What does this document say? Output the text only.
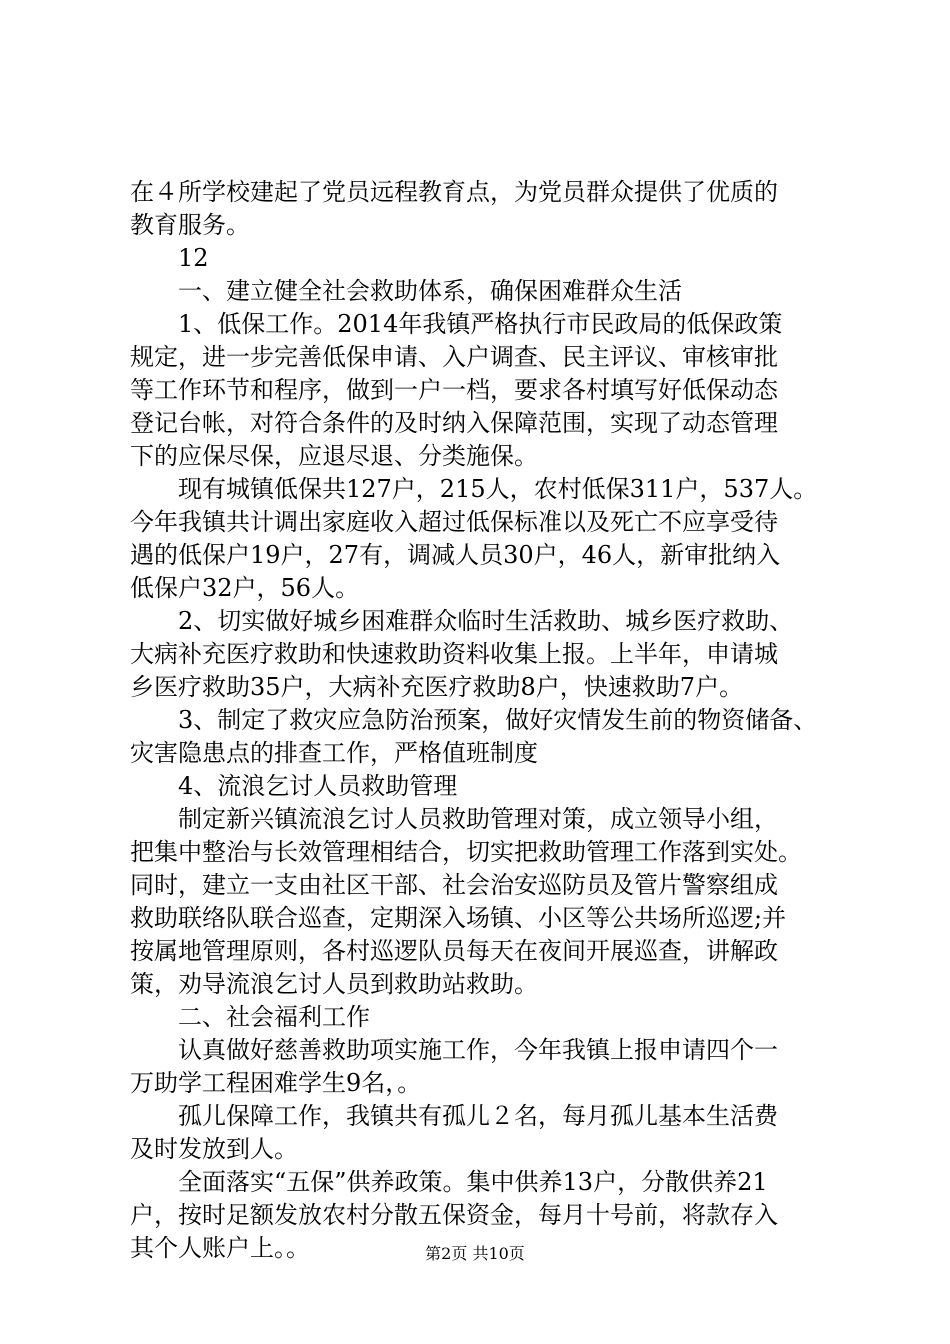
在４所学校建起了党员远程教育点，为党员群众提供了优质的
教育服务。
12
一、建立健全社会救助体系，确保困难群众生活
1、低保工作。2014年我镇严格执行市民政局的低保政策
规定，进一步完善低保申请、入户调查、民主评议、审核审批
等工作环节和程序，做到一户一档，要求各村填写好低保动态
登记台帐，对符合条件的及时纳入保障范围，实现了动态管理
下的应保尽保，应退尽退、分类施保。
现有城镇低保共127户，215人，农村低保311户，537人。
今年我镇共计调出家庭收入超过低保标准以及死亡不应享受待
遇的低保户19户，27有，调减人员30户，46人，新审批纳入
低保户32户，56人。
2、切实做好城乡困难群众临时生活救助、城乡医疗救助、
大病补充医疗救助和快速救助资料收集上报。上半年，申请城
乡医疗救助35户，大病补充医疗救助8户，快速救助7户。
3、制定了救灾应急防治预案，做好灾情发生前的物资储备、
灾害隐患点的排查工作，严格值班制度
4、流浪乞讨人员救助管理
制定新兴镇流浪乞讨人员救助管理对策，成立领导小组，
把集中整治与长效管理相结合，切实把救助管理工作落到实处。
同时，建立一支由社区干部、社会治安巡防员及管片警察组成
救助联络队联合巡查，定期深入场镇、小区等公共场所巡逻;并
按属地管理原则，各村巡逻队员每天在夜间开展巡查，讲解政
策，劝导流浪乞讨人员到救助站救助。
二、社会福利工作
认真做好慈善救助项实施工作，今年我镇上报申请四个一
万助学工程困难学生9名，。
孤儿保障工作，我镇共有孤儿２名，每月孤儿基本生活费
及时发放到人。
全面落实“五保”供养政策。集中供养13户，分散供养21
户，按时足额发放农村分散五保资金，每月十号前，将款存入
其个人账户上。。	第2页 共10页
